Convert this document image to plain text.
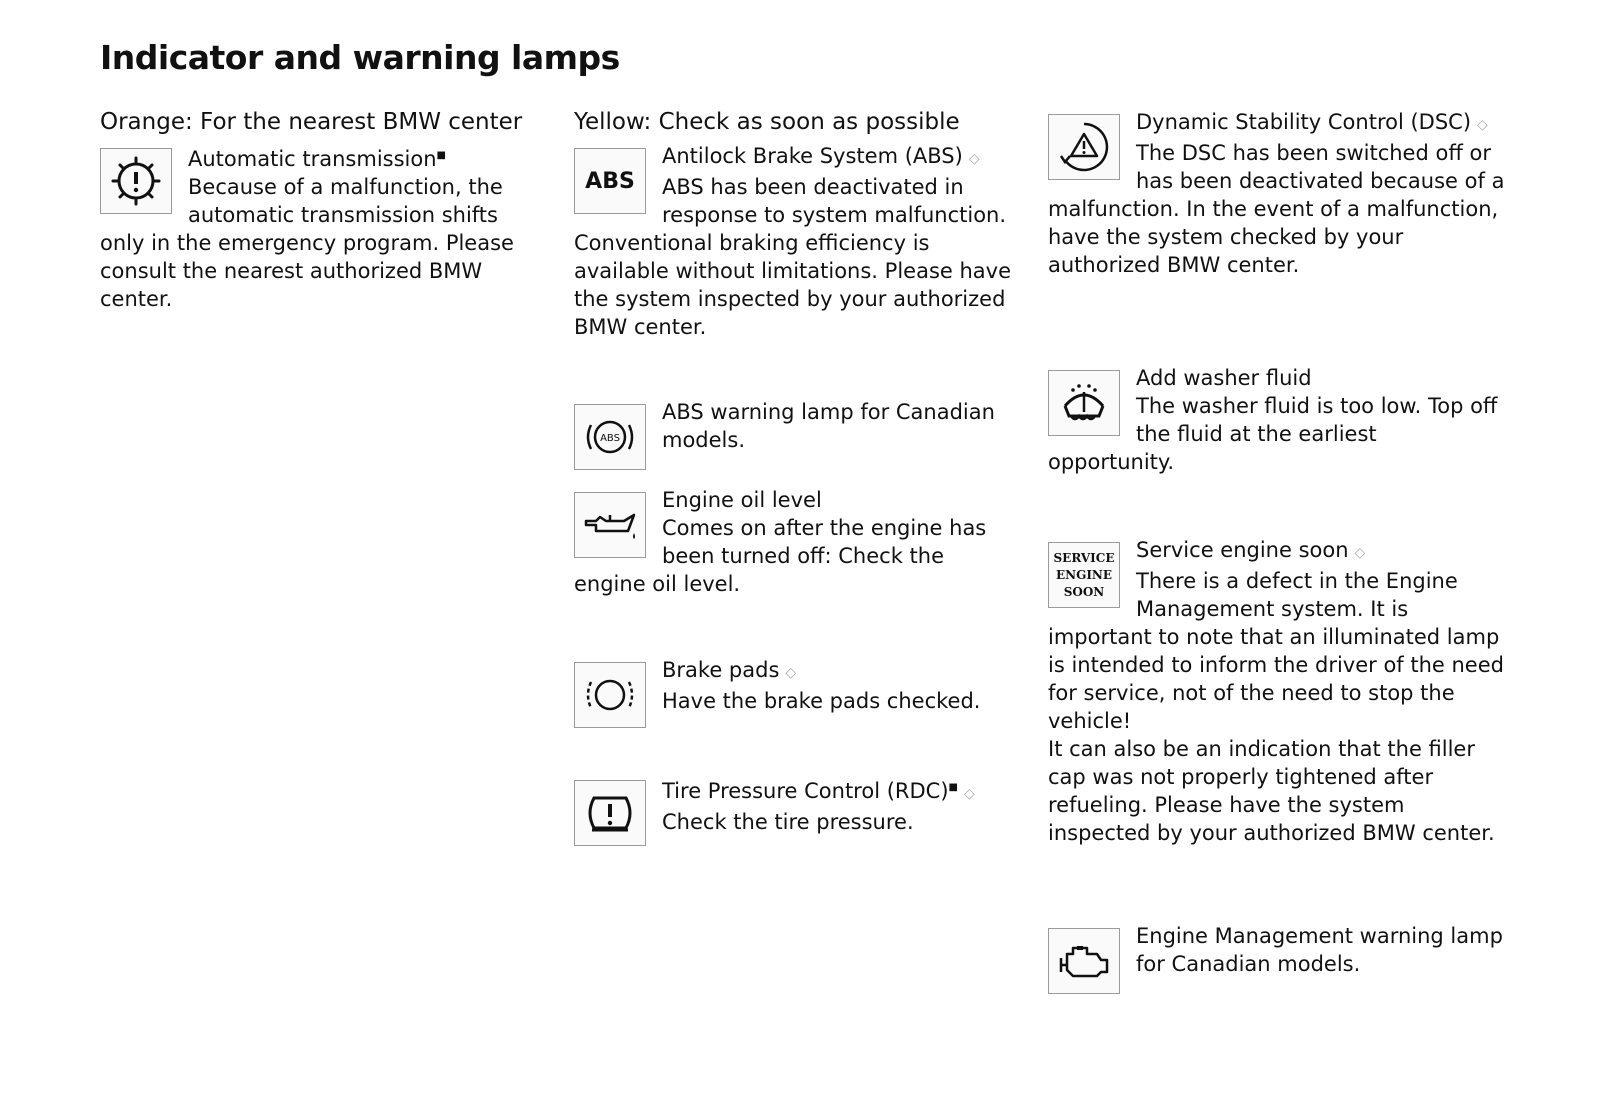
Indicator and warning lamps
Orange: For the nearest BMW center
Automatic transmission■
Because of a malfunction, the automatic transmission shifts only in the emergency program. Please consult the nearest authorized BMW center.
Yellow: Check as soon as possible
ABS
Antilock Brake System (ABS) ◇
ABS has been deactivated in response to system malfunction. Conventional braking efficiency is available without limitations. Please have the system inspected by your authorized BMW center.
ABS
ABS warning lamp for Canadian models.
Engine oil level
Comes on after the engine has been turned off: Check the engine oil level.
Brake pads ◇
Have the brake pads checked.
Tire Pressure Control (RDC)■ ◇
Check the tire pressure.
Dynamic Stability Control (DSC) ◇
The DSC has been switched off or has been deactivated because of a malfunction. In the event of a malfunction, have the system checked by your authorized BMW center.
Add washer fluid
The washer fluid is too low. Top off the fluid at the earliest opportunity.
SERVICE
ENGINE
SOON
Service engine soon ◇
There is a defect in the Engine Management system. It is important to note that an illuminated lamp is intended to inform the driver of the need for service, not of the need to stop the vehicle!
It can also be an indication that the filler cap was not properly tightened after refueling. Please have the system inspected by your authorized BMW center.
Engine Management warning lamp for Canadian models.
